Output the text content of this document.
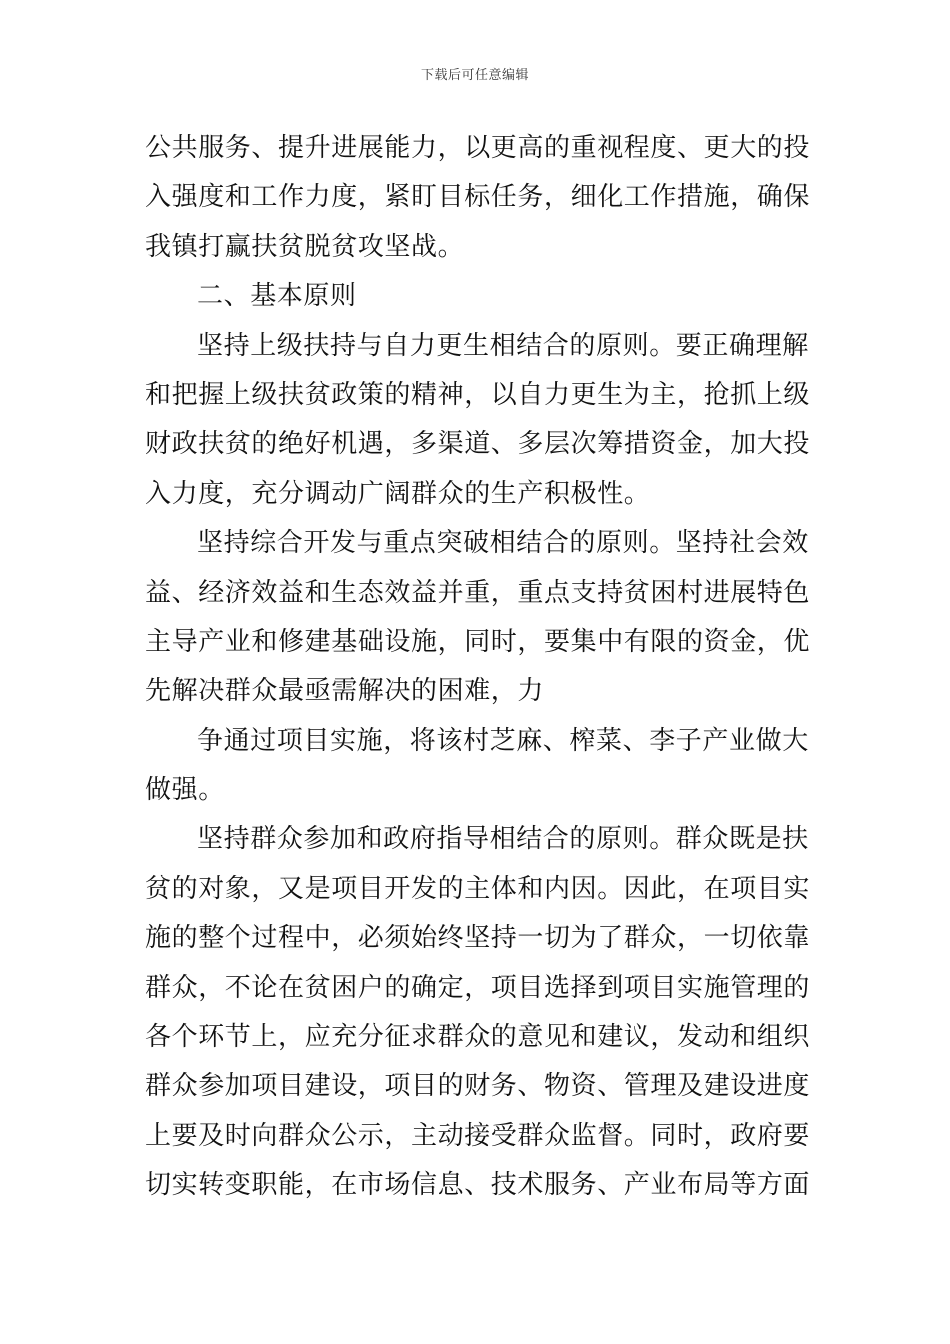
下载后可任意编辑
公共服务、提升进展能力，以更高的重视程度、更大的投
入强度和工作力度，紧盯目标任务，细化工作措施，确保
我镇打赢扶贫脱贫攻坚战。
二、基本原则
坚持上级扶持与自力更生相结合的原则。要正确理解
和把握上级扶贫政策的精神，以自力更生为主，抢抓上级
财政扶贫的绝好机遇，多渠道、多层次筹措资金，加大投
入力度，充分调动广阔群众的生产积极性。
坚持综合开发与重点突破相结合的原则。坚持社会效
益、经济效益和生态效益并重，重点支持贫困村进展特色
主导产业和修建基础设施，同时，要集中有限的资金，优
先解决群众最亟需解决的困难，力
争通过项目实施，将该村芝麻、榨菜、李子产业做大
做强。
坚持群众参加和政府指导相结合的原则。群众既是扶
贫的对象，又是项目开发的主体和内因。因此，在项目实
施的整个过程中，必须始终坚持一切为了群众，一切依靠
群众，不论在贫困户的确定，项目选择到项目实施管理的
各个环节上，应充分征求群众的意见和建议，发动和组织
群众参加项目建设，项目的财务、物资、管理及建设进度
上要及时向群众公示，主动接受群众监督。同时，政府要
切实转变职能，在市场信息、技术服务、产业布局等方面
